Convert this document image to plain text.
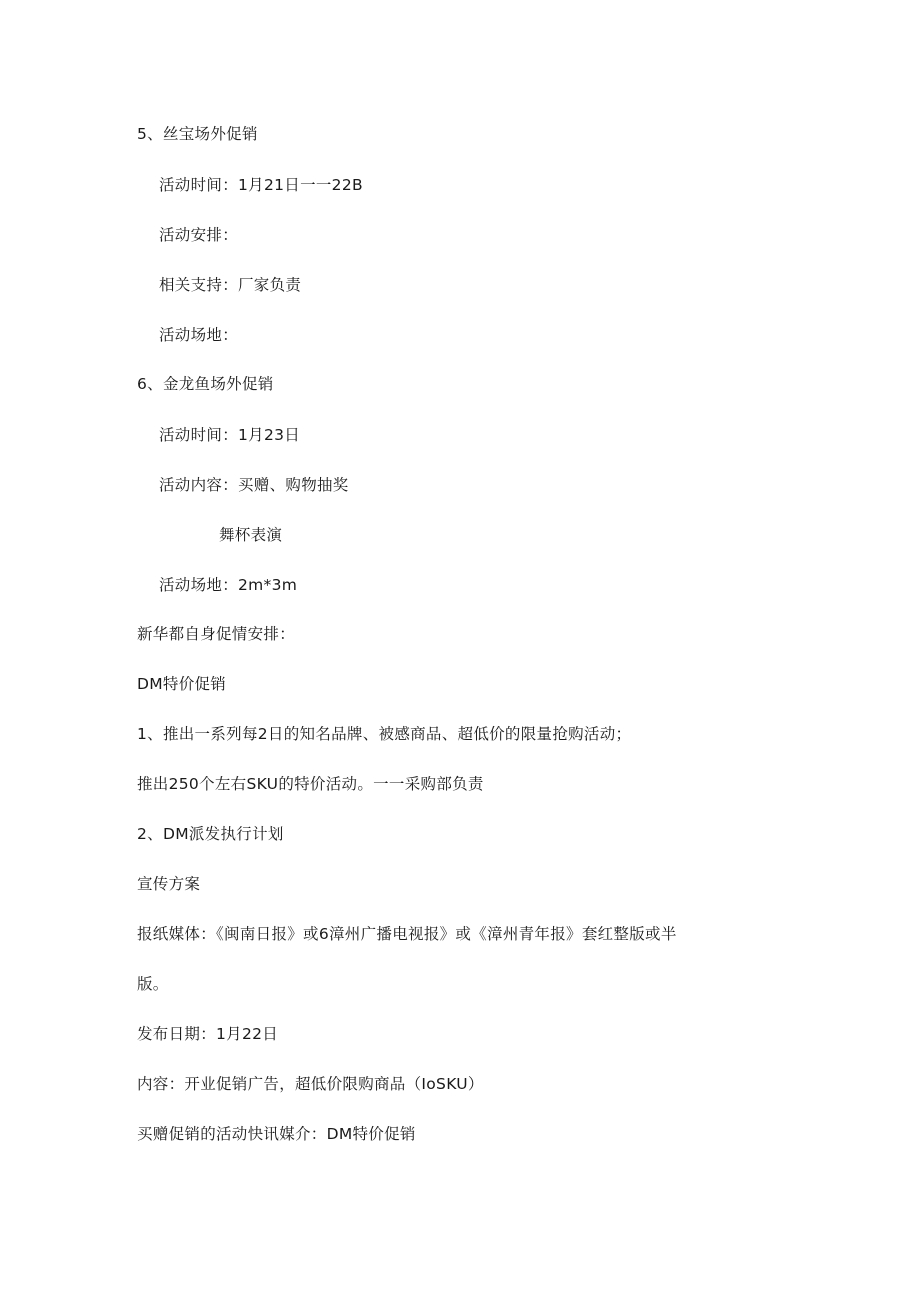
5、丝宝场外促销
活动时间：1月21日一一22B
活动安排：
相关支持：厂家负责
活动场地：
6、金龙鱼场外促销
活动时间：1月23日
活动内容：买赠、购物抽奖
舞杯表演
活动场地：2m*3m
新华都自身促情安排：
DM特价促销
1、推出一系列每2日的知名品牌、被感商品、超低价的限量抢购活动；
推出250个左右SKU的特价活动。一一采购部负责
2、DM派发执行计划
宣传方案
报纸媒体：《闽南日报》或6漳州广播电视报》或《漳州青年报》套红整版或半
版。
发布日期：1月22日
内容：开业促销广告，超低价限购商品（IoSKU）
买赠促销的活动快讯媒介：DM特价促销
